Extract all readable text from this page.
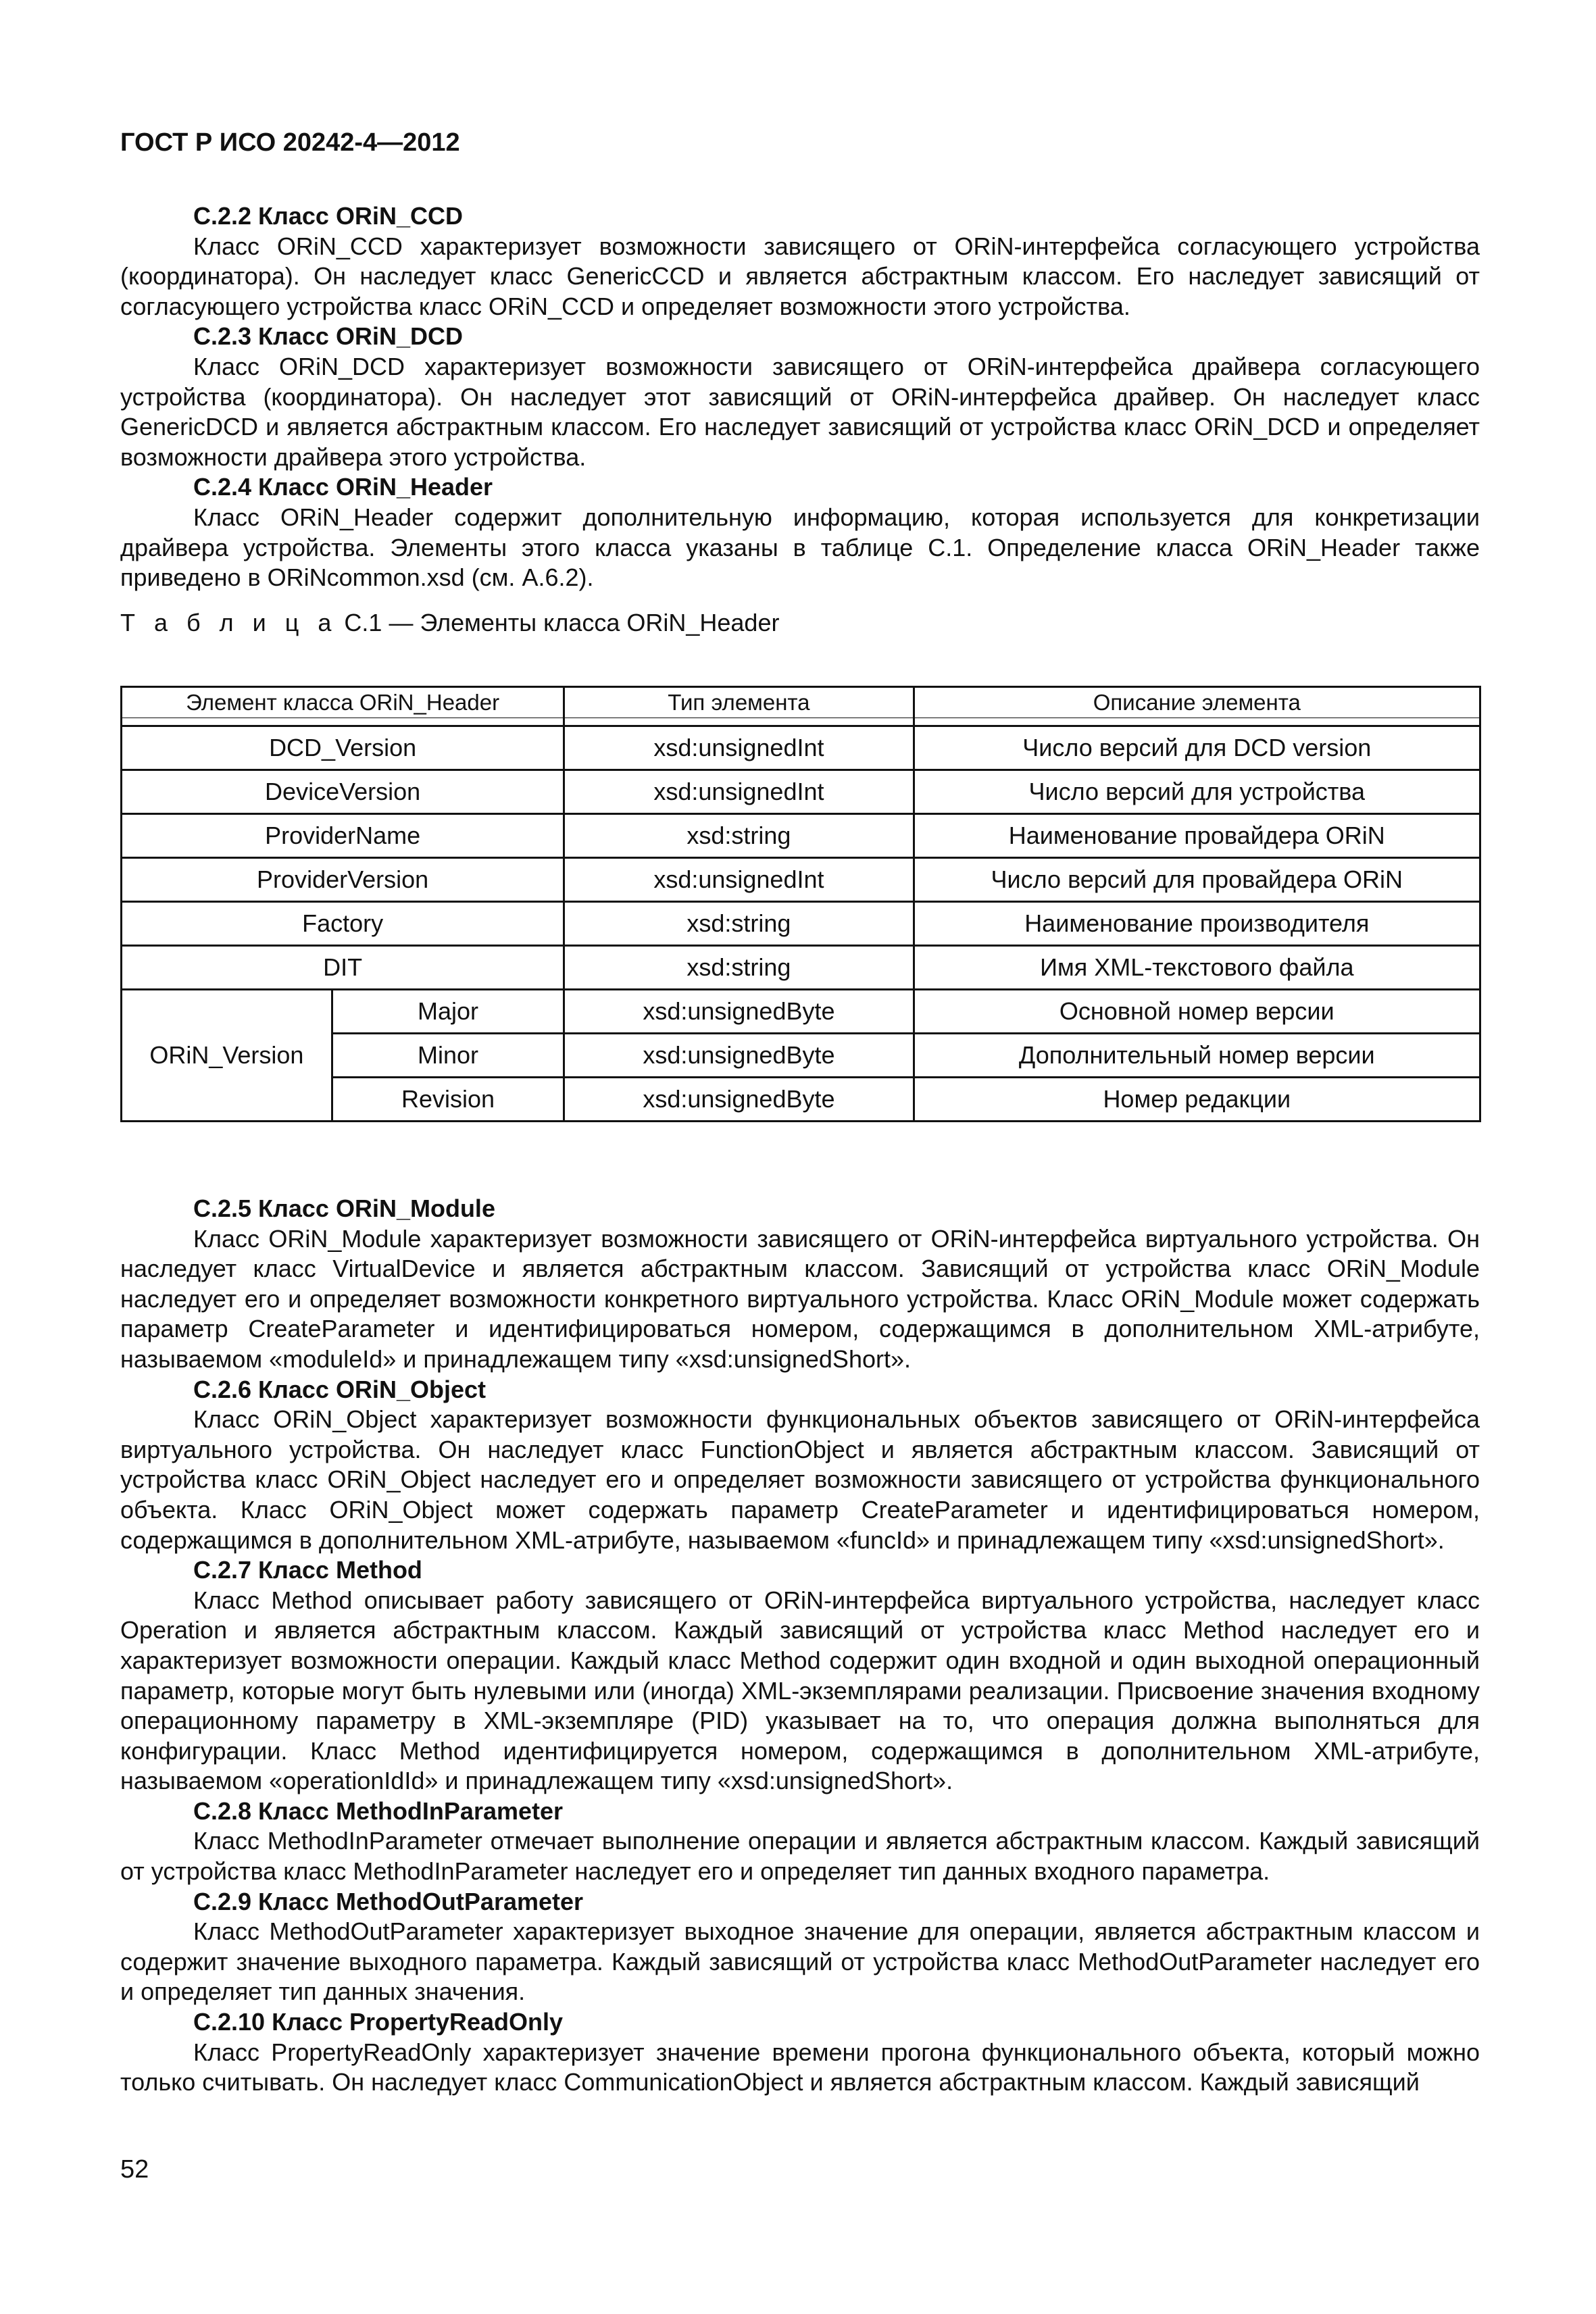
ГОСТ Р ИСО 20242-4—2012
С.2.2 Класс ORiN_CCD
Класс ORiN_CCD характеризует возможности зависящего от ORiN-интерфейса согласующего устройства (координатора). Он наследует класс GenericCCD и является абстрактным классом. Его наследует зависящий от согласующего устройства класс ORiN_CCD и определяет возможности этого устройства.
С.2.3 Класс ORiN_DCD
Класс ORiN_DCD характеризует возможности зависящего от ORiN-интерфейса драйвера согласующего устройства (координатора). Он наследует этот зависящий от ORiN-интерфейса драйвер. Он наследует класс GenericDCD и является абстрактным классом. Его наследует зависящий от устройства класс ORiN_DCD и определяет возможности драйвера этого устройства.
С.2.4 Класс ORiN_Header
Класс ORiN_Header содержит дополнительную информацию, которая используется для конкретизации драйвера устройства. Элементы этого класса указаны в таблице С.1. Определение класса ORiN_Header также приведено в ORiNcommon.xsd (см. А.6.2).
Т а б л и ц а С.1 — Элементы класса ORiN_Header
Элемент класса ORiN_Header		Тип элемента	Описание элемента

DCD_Version		xsd:unsignedInt	Число версий для DCD version
DeviceVersion		xsd:unsignedInt	Число версий для устройства
ProviderName		xsd:string	Наименование провайдера ORiN
ProviderVersion		xsd:unsignedInt	Число версий для провайдера ORiN
Factory		xsd:string	Наименование производителя
DIT		xsd:string	Имя XML-текстового файла
ORiN_Version	Major	xsd:unsignedByte	Основной номер версии
	Minor	xsd:unsignedByte	Дополнительный номер версии
	Revision	xsd:unsignedByte	Номер редакции
С.2.5 Класс ORiN_Module
Класс ORiN_Module характеризует возможности зависящего от ORiN-интерфейса виртуального устройства. Он наследует класс VirtualDevice и является абстрактным классом. Зависящий от устройства класс ORiN_Module наследует его и определяет возможности конкретного виртуального устройства. Класс ORiN_Module может содержать параметр CreateParameter и идентифицироваться номером, содержащимся в дополнительном XML-атрибуте, называемом «moduleId» и принадлежащем типу «xsd:unsignedShort».
С.2.6 Класс ORiN_Object
Класс ORiN_Object характеризует возможности функциональных объектов зависящего от ORiN-интерфейса виртуального устройства. Он наследует класс FunctionObject и является абстрактным классом. Зависящий от устройства класс ORiN_Object наследует его и определяет возможности зависящего от устройства функционального объекта. Класс ORiN_Object может содержать параметр CreateParameter и идентифицироваться номером, содержащимся в дополнительном XML-атрибуте, называемом «funcId» и принадлежащем типу «xsd:unsignedShort».
С.2.7 Класс Method
Класс Method описывает работу зависящего от ORiN-интерфейса виртуального устройства, наследует класс Operation и является абстрактным классом. Каждый зависящий от устройства класс Method наследует его и характеризует возможности операции. Каждый класс Method содержит один входной и один выходной операционный параметр, которые могут быть нулевыми или (иногда) XML-экземплярами реализации. Присвоение значения входному операционному параметру в XML-экземпляре (PID) указывает на то, что операция должна выполняться для конфигурации. Класс Method идентифицируется номером, содержащимся в дополнительном XML-атрибуте, называемом «operationIdId» и принадлежащем типу «xsd:unsignedShort».
С.2.8 Класс MethodInParameter
Класс MethodInParameter отмечает выполнение операции и является абстрактным классом. Каждый зависящий от устройства класс MethodInParameter наследует его и определяет тип данных входного параметра.
С.2.9 Класс MethodOutParameter
Класс MethodOutParameter характеризует выходное значение для операции, является абстрактным классом и содержит значение выходного параметра. Каждый зависящий от устройства класс MethodOutParameter наследует его и определяет тип данных значения.
С.2.10 Класс PropertyReadOnly
Класс PropertyReadOnly характеризует значение времени прогона функционального объекта, который можно только считывать. Он наследует класс CommunicationObject и является абстрактным классом. Каждый зависящий
52
